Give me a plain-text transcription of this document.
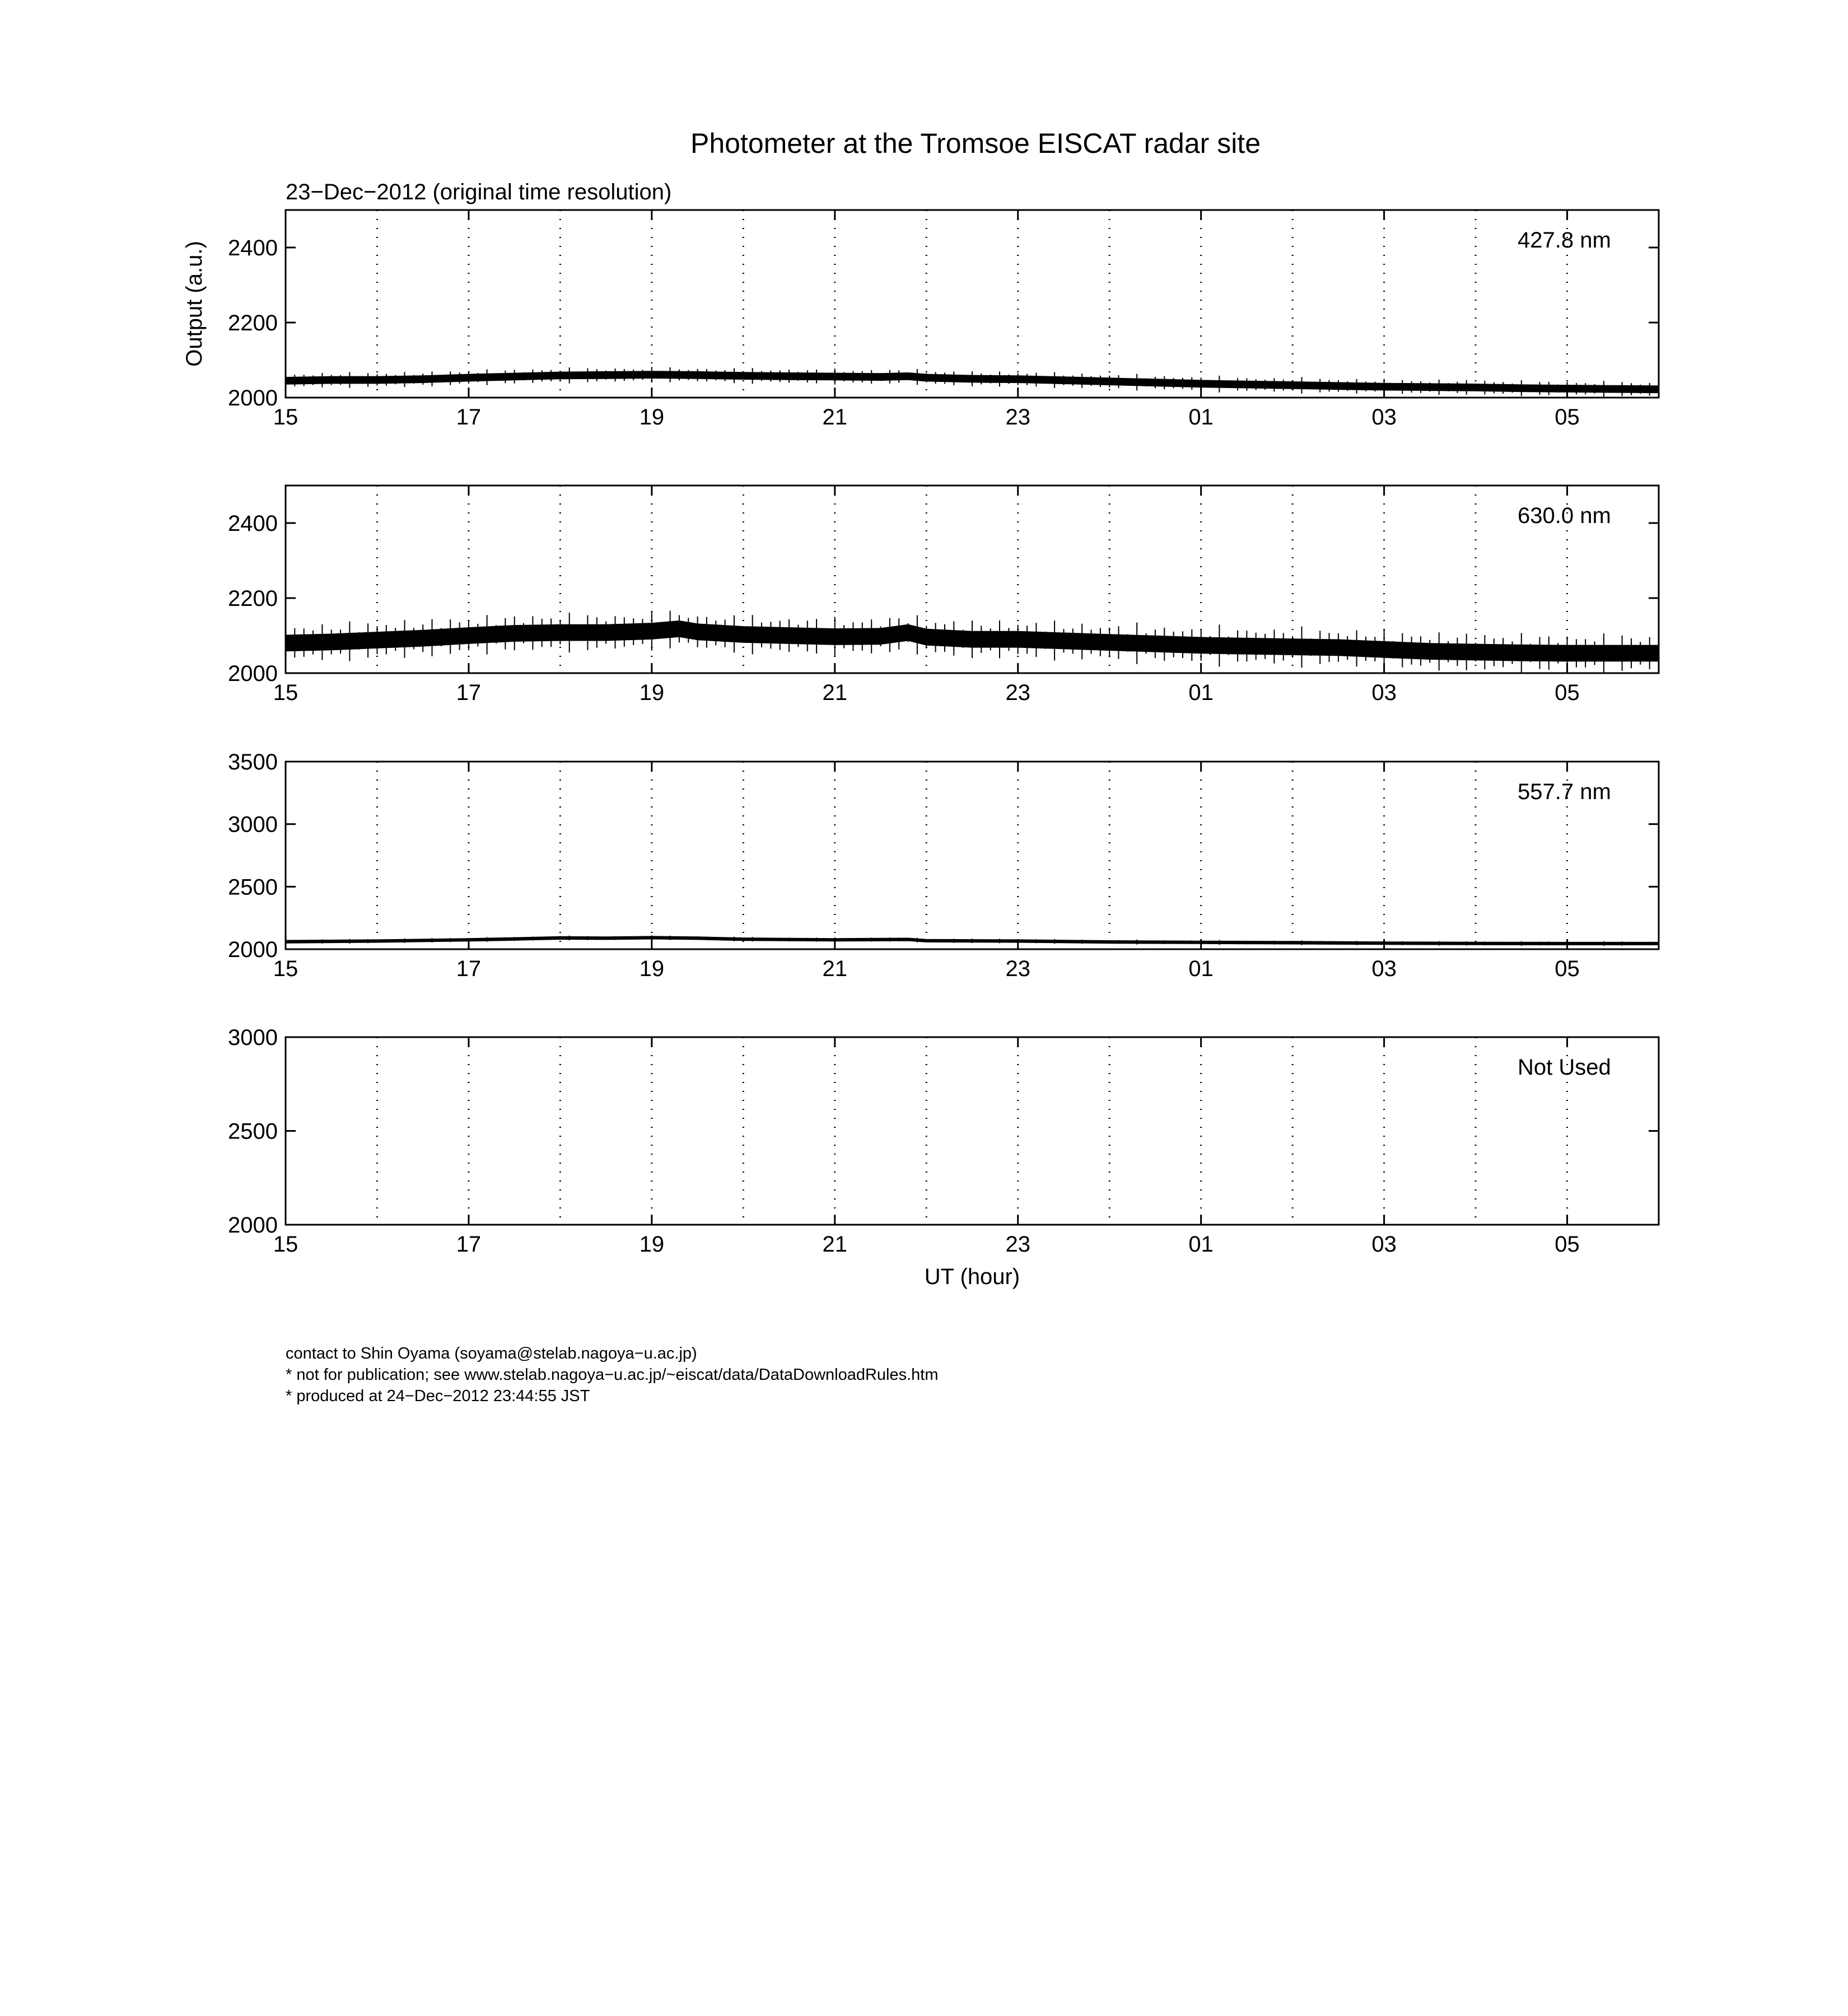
Photometer at the Tromsoe EISCAT radar site
23−Dec−2012 (original time resolution)
15	17	19	21	23	01	03	05
2000
2200
2400	427.8 nm
Output (a.u.)
15	17	19	21	23	01	03	05
2000
2200
2400	630.0 nm
15	17	19	21	23	01	03	05
2000
2500
3000
3500
557.7 nm
15	17	19	21	23	01	03	05
2000
2500
3000
Not Used
UT (hour)
contact to Shin Oyama (soyama@stelab.nagoya−u.ac.jp)
* not for publication; see www.stelab.nagoya−u.ac.jp/~eiscat/data/DataDownloadRules.htm
* produced at 24−Dec−2012 23:44:55 JST
